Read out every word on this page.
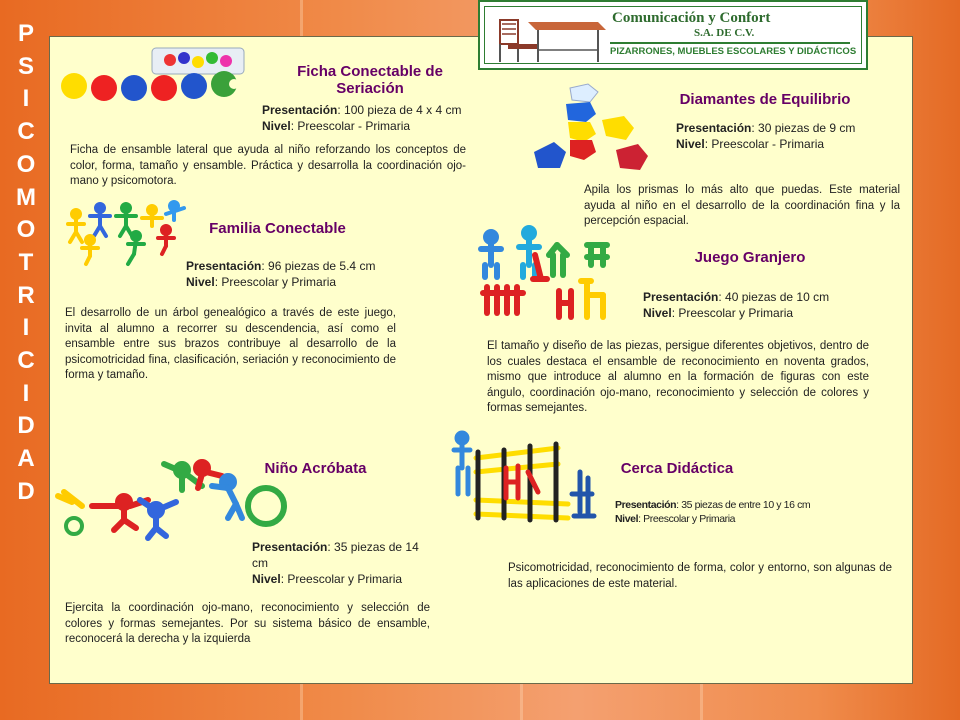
P
S
I
C
O
M
O
T
R
I
C
I
D
A
D
Comunicación y Confort
S.A. DE C.V.
PIZARRONES, MUEBLES ESCOLARES Y DIDÁCTICOS
Ficha Conectable de Seriación
Presentación: 100 pieza de 4 x 4 cm
Nivel: Preescolar - Primaria
Ficha de ensamble lateral que ayuda al niño reforzando los conceptos de color, forma, tamaño y ensamble. Práctica y desarrolla la coordinación ojo-mano y psicomotora.
Diamantes de Equilibrio
Presentación: 30 piezas de 9 cm
Nivel: Preescolar - Primaria
Apila los prismas lo más alto que puedas. Este material ayuda al niño en el desarrollo de la coordinación fina y la percepción espacial.
Familia Conectable
Presentación: 96 piezas de 5.4 cm
Nivel: Preescolar y Primaria
El desarrollo de un árbol genealógico a través de este juego, invita al alumno a recorrer su descendencia, así como el ensamble entre sus brazos contribuye al desarrollo de la psicomotricidad fina, clasificación, seriación y reconocimiento de forma y tamaño.
Juego Granjero
Presentación: 40 piezas de 10 cm
Nivel: Preescolar y Primaria
El tamaño y diseño de las piezas, persigue diferentes objetivos, dentro de los cuales destaca el ensamble de reconocimiento en noventa grados, mismo que introduce al alumno en la formación de figuras con este ángulo, coordinación ojo-mano, reconocimiento y selección de colores y formas semejantes.
Niño Acróbata
Presentación: 35 piezas de 14 cm
Nivel: Preescolar y Primaria
Ejercita la coordinación ojo-mano, reconocimiento y selección de colores y formas semejantes. Por su sistema básico de ensamble, reconocerá la derecha y la izquierda
Cerca Didáctica
Presentación: 35 piezas de entre 10 y 16 cm
Nivel: Preescolar y Primaria
Psicomotricidad, reconocimiento de forma, color y entorno, son algunas de las aplicaciones de este material.
